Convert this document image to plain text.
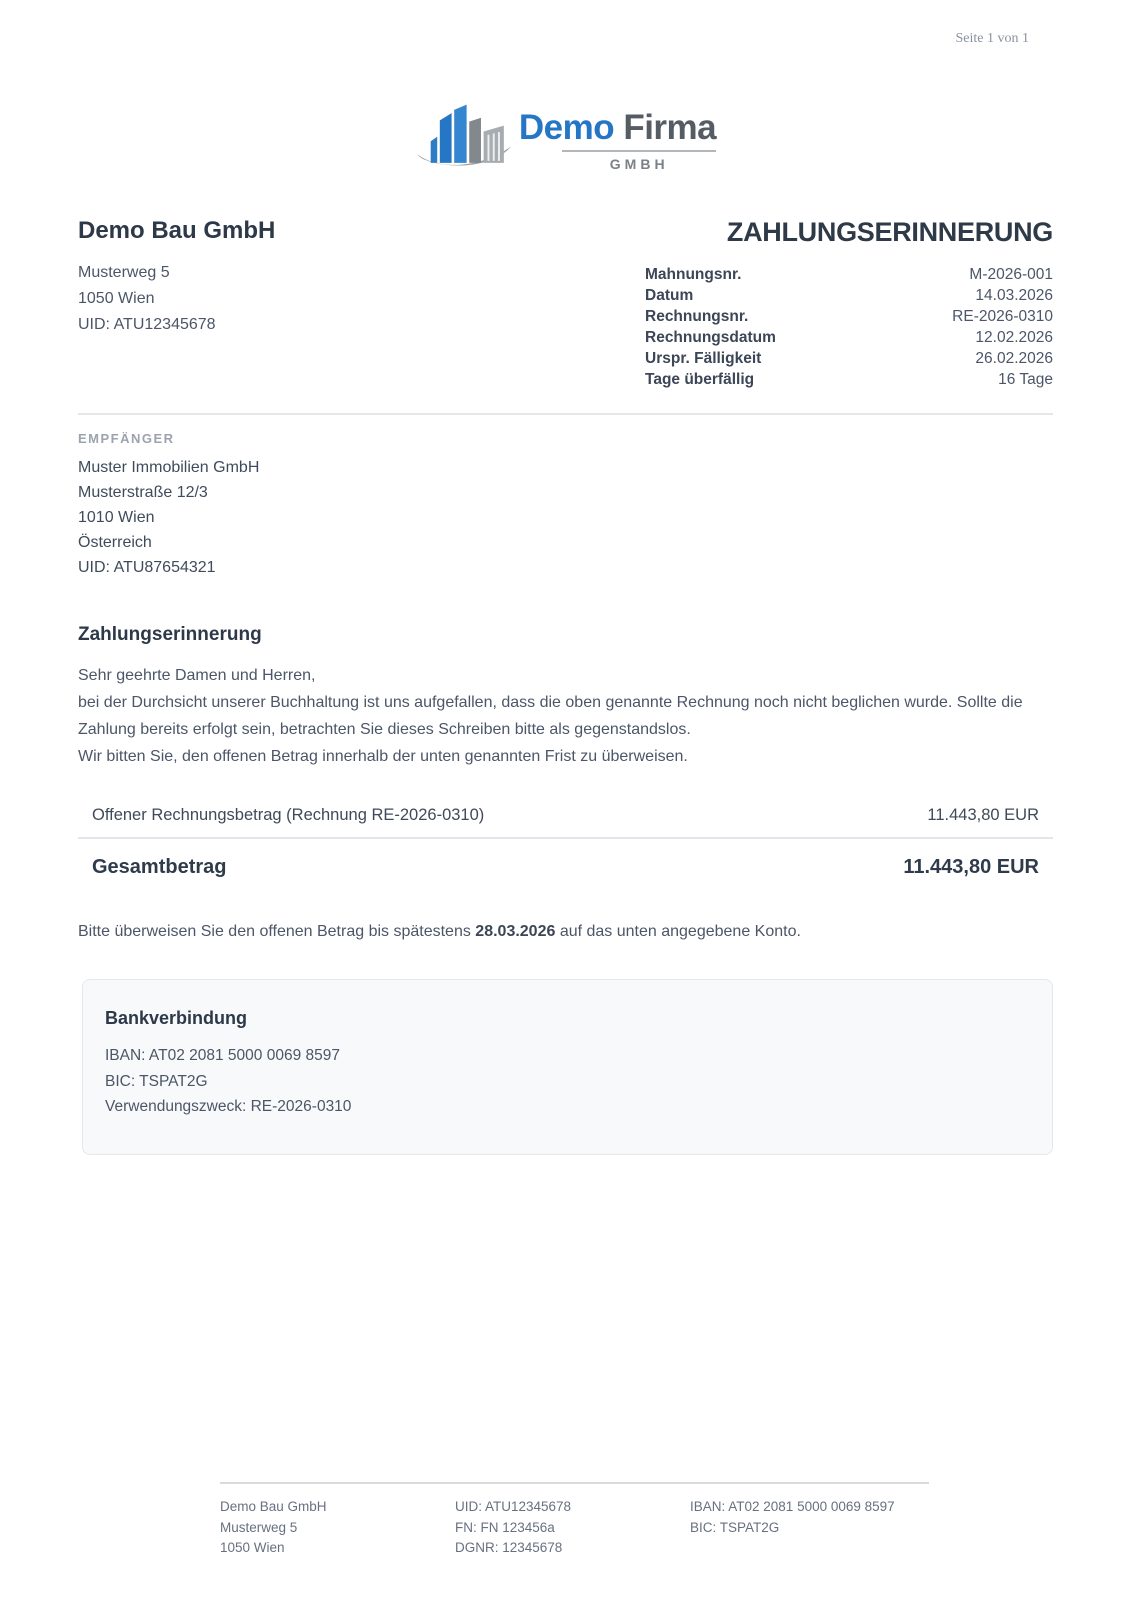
Seite 1 von 1
Demo Firma
GMBH
Demo Bau GmbH
Musterweg 5
1050 Wien
UID: ATU12345678
ZAHLUNGSERINNERUNG
Mahnungsnr.	M-2026-001
Datum	14.03.2026
Rechnungsnr.	RE-2026-0310
Rechnungsdatum	12.02.2026
Urspr. Fälligkeit	26.02.2026
Tage überfällig	16 Tage
EMPFÄNGER
Muster Immobilien GmbH
Musterstraße 12/3
1010 Wien
Österreich
UID: ATU87654321
Zahlungserinnerung
Sehr geehrte Damen und Herren,
bei der Durchsicht unserer Buchhaltung ist uns aufgefallen, dass die oben genannte Rechnung noch nicht beglichen wurde. Sollte die Zahlung bereits erfolgt sein, betrachten Sie dieses Schreiben bitte als gegenstandslos.
Wir bitten Sie, den offenen Betrag innerhalb der unten genannten Frist zu überweisen.
Offener Rechnungsbetrag (Rechnung RE-2026-0310)	11.443,80 EUR
Gesamtbetrag	11.443,80 EUR
Bitte überweisen Sie den offenen Betrag bis spätestens 28.03.2026 auf das unten angegebene Konto.
Bankverbindung
IBAN: AT02 2081 5000 0069 8597
BIC: TSPAT2G
Verwendungszweck: RE-2026-0310
Demo Bau GmbH
Musterweg 5
1050 Wien
UID: ATU12345678
FN: FN 123456a
DGNR: 12345678
IBAN: AT02 2081 5000 0069 8597
BIC: TSPAT2G
